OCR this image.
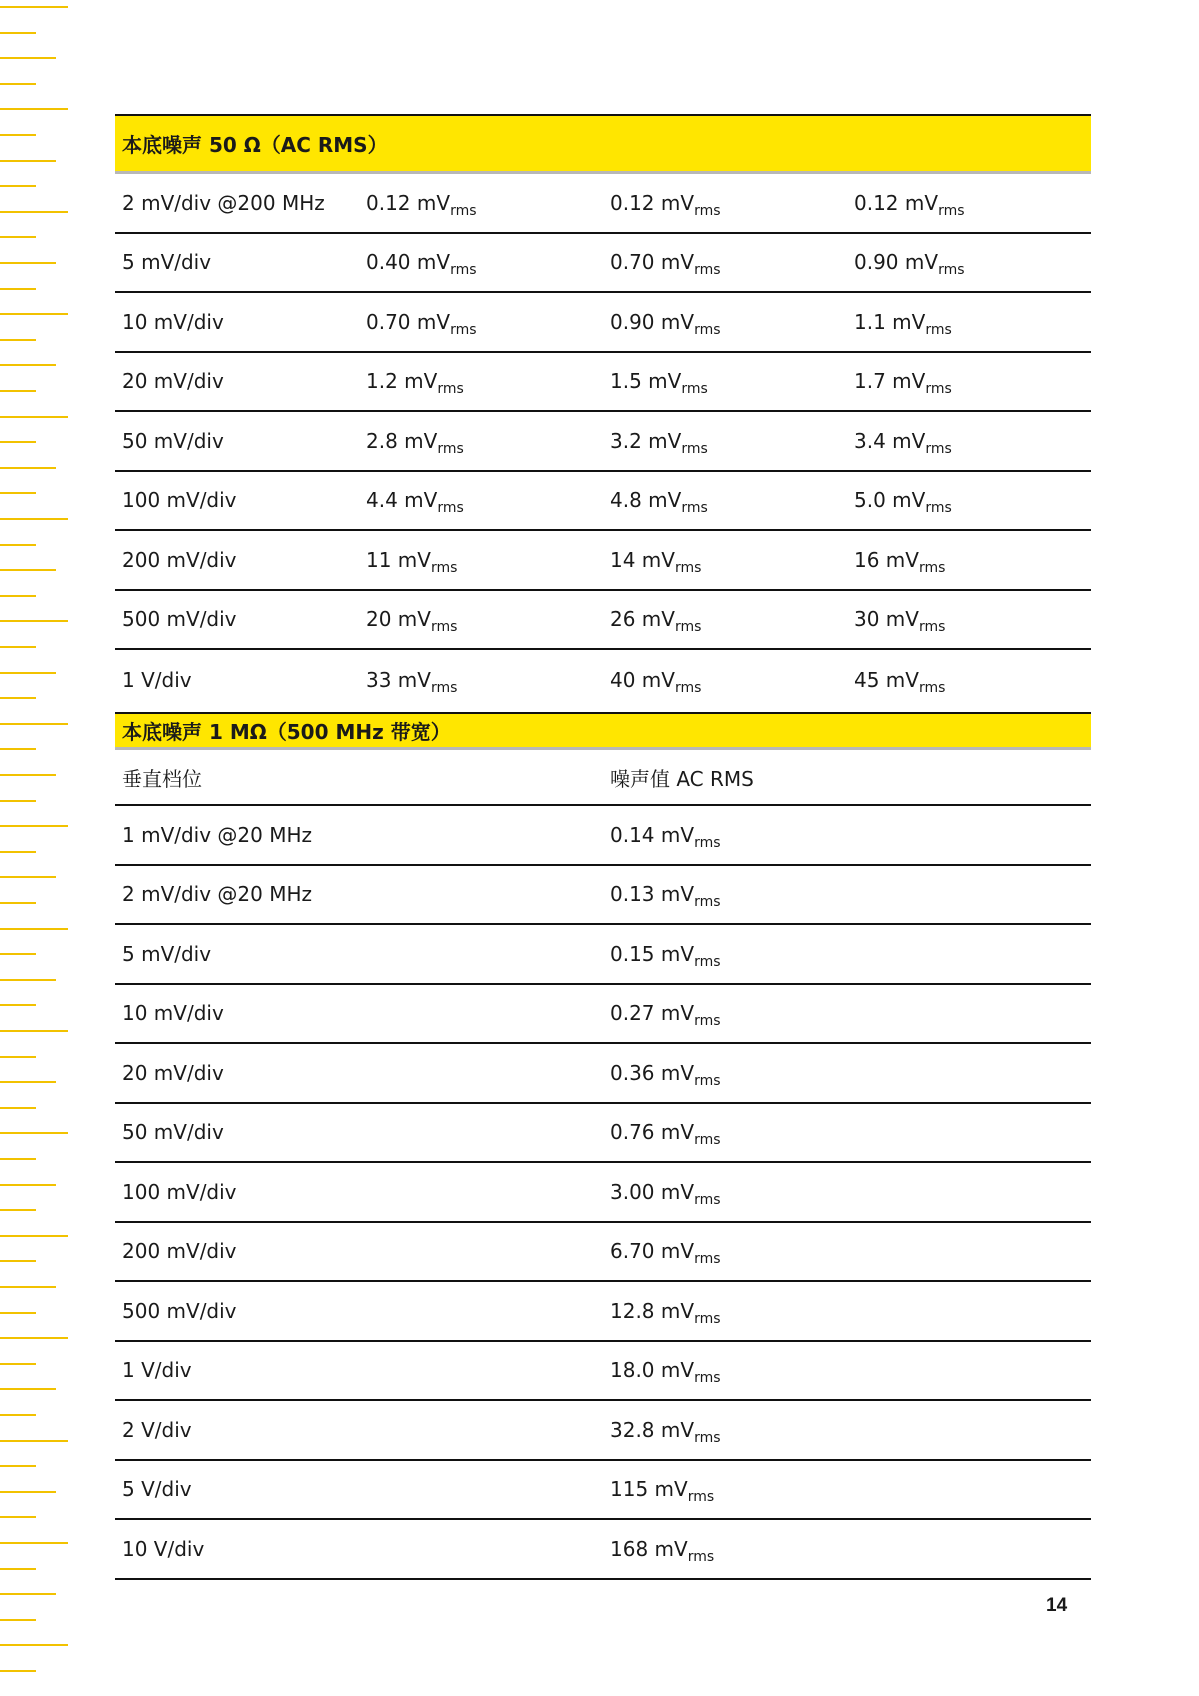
本底噪声 50 Ω（AC RMS）
2 mV/div @200 MHz	0.12 $mV_{rms}$	0.12 $mV_{rms}$	0.12 $mV_{rms}$
5 mV/div	0.40 $mV_{rms}$	0.70 $mV_{rms}$	0.90 $mV_{rms}$
10 mV/div	0.70 $mV_{rms}$	0.90 $mV_{rms}$	1.1 $mV_{rms}$
20 mV/div	1.2 $mV_{rms}$	1.5 $mV_{rms}$	1.7 $mV_{rms}$
50 mV/div	2.8 $mV_{rms}$	3.2 $mV_{rms}$	3.4 $mV_{rms}$
100 mV/div	4.4 $mV_{rms}$	4.8 $mV_{rms}$	5.0 $mV_{rms}$
200 mV/div	11 $mV_{rms}$	14 $mV_{rms}$	16 $mV_{rms}$
500 mV/div	20 $mV_{rms}$	26 $mV_{rms}$	30 $mV_{rms}$
1 V/div	33 $mV_{rms}$	40 $mV_{rms}$	45 $mV_{rms}$
本底噪声 1 MΩ（500 MHz 带宽）
垂直档位	噪声值 AC RMS
1 mV/div @20 MHz	0.14 $mV_{rms}$
2 mV/div @20 MHz	0.13 $mV_{rms}$
5 mV/div	0.15 $mV_{rms}$
10 mV/div	0.27 $mV_{rms}$
20 mV/div	0.36 $mV_{rms}$
50 mV/div	0.76 $mV_{rms}$
100 mV/div	3.00 $mV_{rms}$
200 mV/div	6.70 $mV_{rms}$
500 mV/div	12.8 $mV_{rms}$
1 V/div	18.0 $mV_{rms}$
2 V/div	32.8 $mV_{rms}$
5 V/div	115 $mV_{rms}$
10 V/div	168 $mV_{rms}$
14
